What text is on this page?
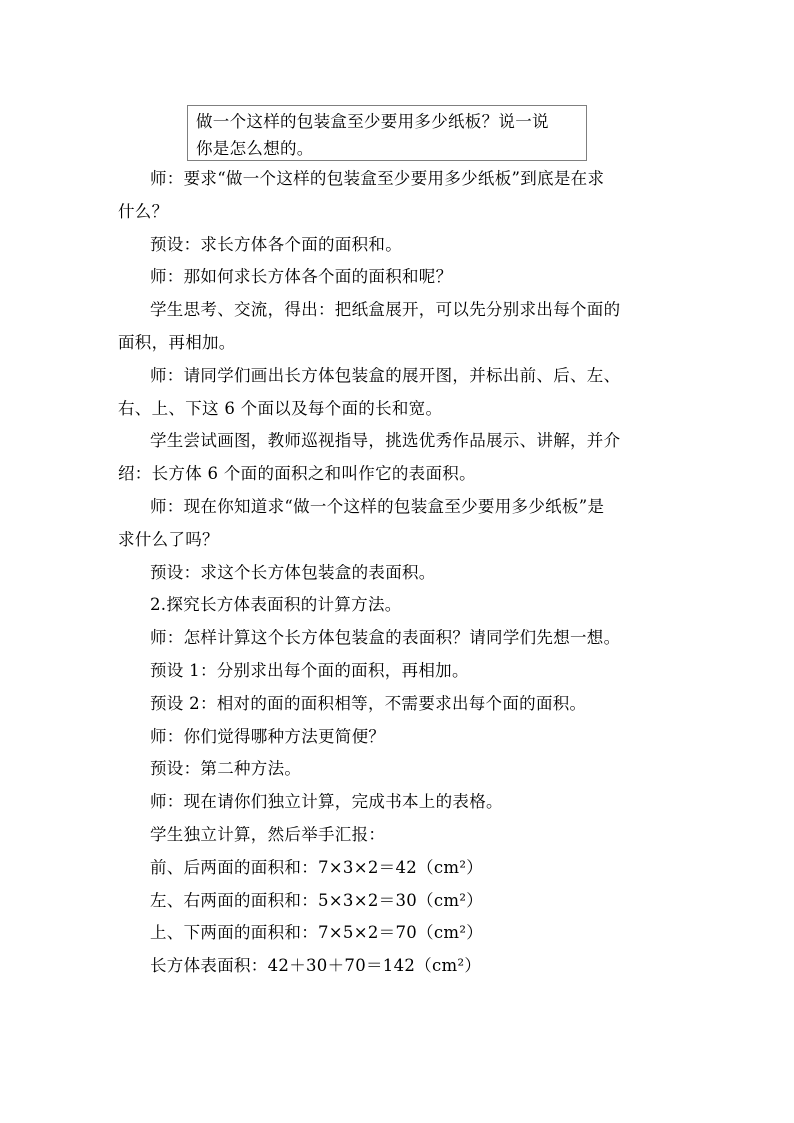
做一个这样的包装盒至少要用多少纸板？说一说
你是怎么想的。
师：要求“做一个这样的包装盒至少要用多少纸板”到底是在求
什么？
预设：求长方体各个面的面积和。
师：那如何求长方体各个面的面积和呢？
学生思考、交流，得出：把纸盒展开，可以先分别求出每个面的
面积，再相加。
师：请同学们画出长方体包装盒的展开图，并标出前、后、左、
右、上、下这 6 个面以及每个面的长和宽。
学生尝试画图，教师巡视指导，挑选优秀作品展示、讲解，并介
绍：长方体 6 个面的面积之和叫作它的表面积。
师：现在你知道求“做一个这样的包装盒至少要用多少纸板”是
求什么了吗？
预设：求这个长方体包装盒的表面积。
2.探究长方体表面积的计算方法。
师：怎样计算这个长方体包装盒的表面积？请同学们先想一想。
预设 1：分别求出每个面的面积，再相加。
预设 2：相对的面的面积相等，不需要求出每个面的面积。
师：你们觉得哪种方法更简便？
预设：第二种方法。
师：现在请你们独立计算，完成书本上的表格。
学生独立计算，然后举手汇报：
前、后两面的面积和：7×3×2＝42（cm²）
左、右两面的面积和：5×3×2＝30（cm²）
上、下两面的面积和：7×5×2＝70（cm²）
长方体表面积：42＋30＋70＝142（cm²）
